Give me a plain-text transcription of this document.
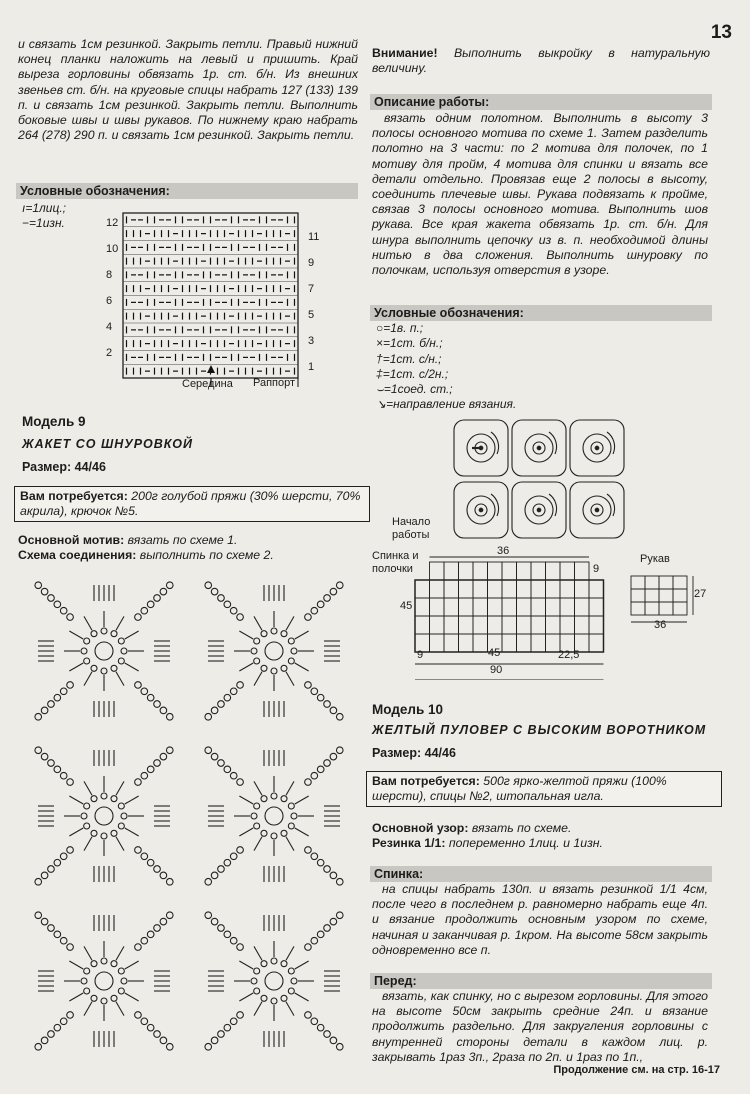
13
и связать 1см резинкой. Закрыть петли. Правый нижний конец планки наложить на левый и пришить. Край выреза горловины обвязать 1р. ст. б/н. Из внешних звеньев ст. б/н. на круговые спицы набрать 127 (133) 139 п. и связать 1см резинкой. Закрыть петли. Выполнить боковые швы и швы рукавов. По нижнему краю набрать 264 (278) 290 п. и связать 1см резинкой. Закрыть петли.
Условные обозначения:
ı=1лиц.;
−=1изн.	12
10
8
6
4
2
11
9
7
5
3
1
Середина Раппорт
Модель 9
ЖАКЕТ СО ШНУРОВКОЙ
Размер: 44/46
Вам потребуется: 200г голубой пряжи (30% шерсти, 70% акрила), крючок №5.
Основной мотив: вязать по схеме 1.
Схема соединения: выполнить по схеме 2.
Внимание! Выполнить выкройку в натуральную величину.
Описание работы:
вязать одним полотном. Выполнить в высоту 3 полосы основного мотива по схеме 1. Затем разделить полотно на 3 части: по 2 мотива для полочек, по 1 мотиву для пройм, 4 мотива для спинки и вязать все детали отдельно. Провязав еще 2 полосы в высоту, соединить плечевые швы. Рукава подвязать к пройме, связав 3 полосы основного мотива. Выполнить шов рукава. Все края жакета обвязать 1р. ст. б/н. Для шнура выполнить цепочку из в. п. необходимой длины нитью в два сложения. Выполнить шнуровку по полочкам, используя отверстия в узоре.
Условные обозначения:
○=1в. п.;
×=1ст. б/н.;
†=1ст. с/н.;
‡=1ст. с/2н.;
⌣=1соед. ст.;
↘=направление вязания.
Начало работы
Спинка и полочки
Рукав
36
9
45
9	45	22,5
90
27
36
Модель 10
ЖЕЛТЫЙ ПУЛОВЕР С ВЫСОКИМ ВОРОТНИКОМ
Размер: 44/46
Вам потребуется: 500г ярко-желтой пряжи (100% шерсти), спицы №2, штопальная игла.
Основной узор: вязать по схеме.
Резинка 1/1: попеременно 1лиц. и 1изн.
Спинка:
на спицы набрать 130п. и вязать резинкой 1/1 4см, после чего в последнем р. равномерно набрать еще 4п. и вязание продолжить основным узором по схеме, начиная и заканчивая р. 1кром. На высоте 58см закрыть одновременно все п.
Перед:
вязать, как спинку, но с вырезом горловины. Для этого на высоте 50см закрыть средние 24п. и вязание продолжить раздельно. Для закругления горловины с внутренней стороны детали в каждом лиц. р. закрывать 1раз 3п., 2раза по 2п. и 1раз по 1п.,
Продолжение см. на стр. 16-17
